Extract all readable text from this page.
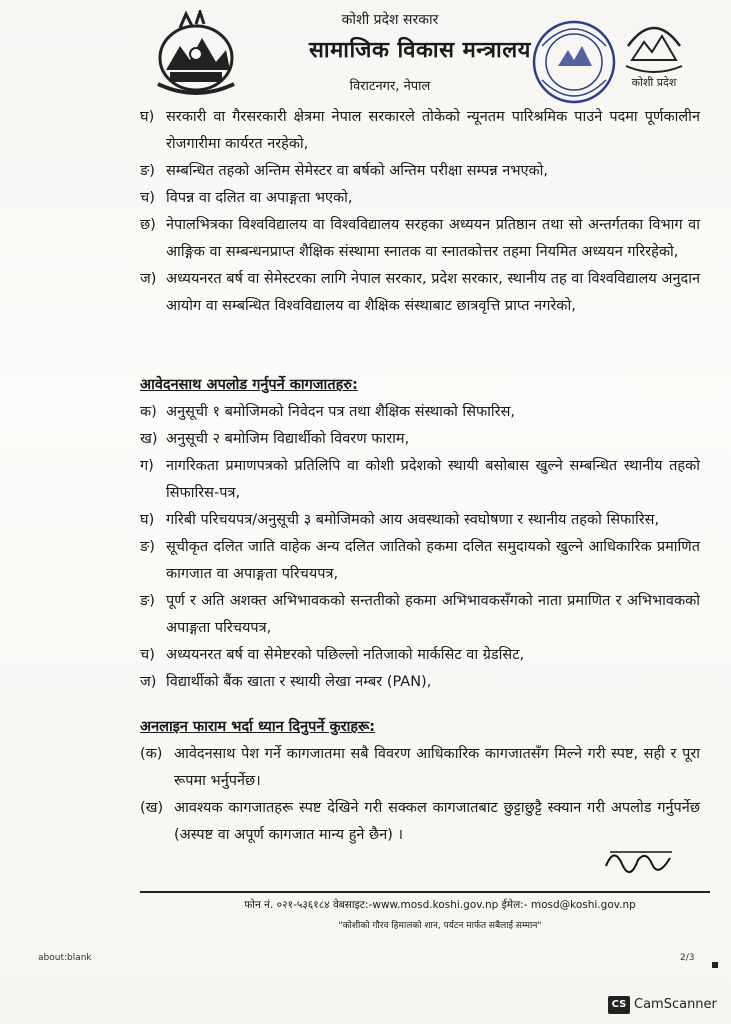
कोशी प्रदेश सरकार
सामाजिक विकास मन्त्रालय
विराटनगर, नेपाल	कोशी प्रदेश
घ) सरकारी वा गैरसरकारी क्षेत्रमा नेपाल सरकारले तोकेको न्यूनतम पारिश्रमिक पाउने पदमा पूर्णकालीन रोजगारीमा कार्यरत नरहेको,
ङ) सम्बन्धित तहको अन्तिम सेमेस्टर वा बर्षको अन्तिम परीक्षा सम्पन्न नभएको,
च) विपन्न वा दलित वा अपाङ्गता भएको,
छ) नेपालभित्रका विश्वविद्यालय वा विश्वविद्यालय सरहका अध्ययन प्रतिष्ठान तथा सो अन्तर्गतका विभाग वा आङ्गिक वा सम्बन्धनप्राप्त शैक्षिक संस्थामा स्नातक वा स्नातकोत्तर तहमा नियमित अध्ययन गरिरहेको,
ज) अध्ययनरत बर्ष वा सेमेस्टरका लागि नेपाल सरकार, प्रदेश सरकार, स्थानीय तह वा विश्वविद्यालय अनुदान आयोग वा सम्बन्धित विश्वविद्यालय वा शैक्षिक संस्थाबाट छात्रवृत्ति प्राप्त नगरेको,

आवेदनसाथ अपलोड गर्नुपर्ने कागजातहरु:

क) अनुसूची १ बमोजिमको निवेदन पत्र तथा शैक्षिक संस्थाको सिफारिस,
ख) अनुसूची २ बमोजिम विद्यार्थीको विवरण फाराम,
ग) नागरिकता प्रमाणपत्रको प्रतिलिपि वा कोशी प्रदेशको स्थायी बसोबास खुल्ने सम्बन्धित स्थानीय तहको सिफारिस-पत्र,
घ) गरिबी परिचयपत्र/अनुसूची ३ बमोजिमको आय अवस्थाको स्वघोषणा र स्थानीय तहको सिफारिस,
ङ) सूचीकृत दलित जाति वाहेक अन्य दलित जातिको हकमा दलित समुदायको खुल्ने आधिकारिक प्रमाणित कागजात वा अपाङ्गता परिचयपत्र,
ङ) पूर्ण र अति अशक्त अभिभावकको सन्ततीको हकमा अभिभावकसँगको नाता प्रमाणित र अभिभावकको अपाङ्गता परिचयपत्र,
च) अध्ययनरत बर्ष वा सेमेष्टरको पछिल्लो नतिजाको मार्कसिट वा ग्रेडसिट,
ज) विद्यार्थीको बैंक खाता र स्थायी लेखा नम्बर (PAN),

अनलाइन फाराम भर्दा ध्यान दिनुपर्ने कुराहरू:

(क) आवेदनसाथ पेश गर्ने कागजातमा सबै विवरण आधिकारिक कागजातसँग मिल्ने गरी स्पष्ट, सही र पूरा रूपमा भर्नुपर्नेछ।
(ख) आवश्यक कागजातहरू स्पष्ट देखिने गरी सक्कल कागजातबाट छुट्टाछुट्टै स्क्यान गरी अपलोड गर्नुपर्नेछ (अस्पष्ट वा अपूर्ण कागजात मान्य हुने छैन) ।
फोन नं. ०२१-५३६१८४ वेबसाइट:-www.mosd.koshi.gov.np ईमेल:- mosd@koshi.gov.np
"कोशीको गौरव हिमालको शान, पर्यटन मार्फत सबैलाई सम्मान"
about:blank	2/3
CS CamScanner
